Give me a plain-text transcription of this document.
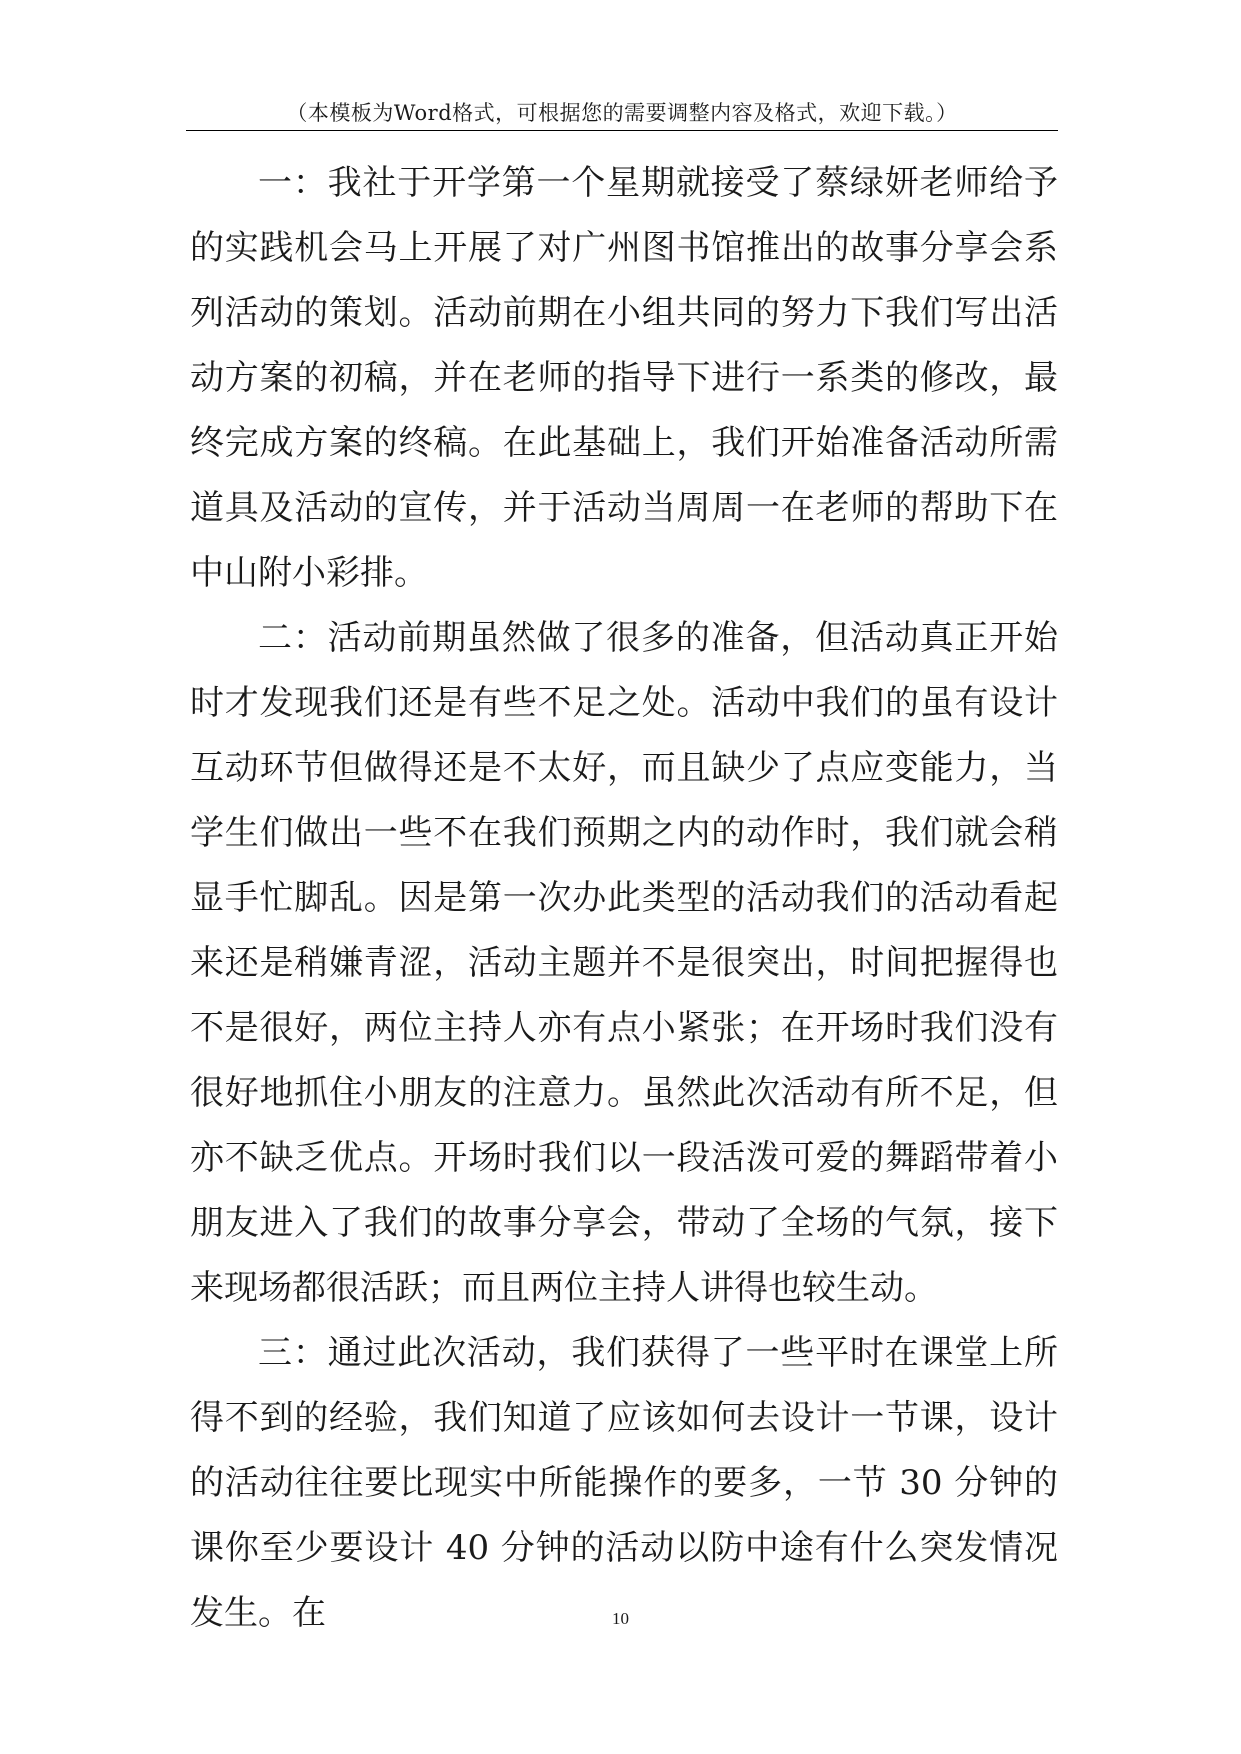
（本模板为Word格式，可根据您的需要调整内容及格式，欢迎下载。）

一：我社于开学第一个星期就接受了蔡绿妍老师给予的实践机会马上开展了对广州图书馆推出的故事分享会系列活动的策划。活动前期在小组共同的努力下我们写出活动方案的初稿，并在老师的指导下进行一系类的修改，最终完成方案的终稿。在此基础上，我们开始准备活动所需道具及活动的宣传，并于活动当周周一在老师的帮助下在中山附小彩排。

二：活动前期虽然做了很多的准备，但活动真正开始时才发现我们还是有些不足之处。活动中我们的虽有设计互动环节但做得还是不太好，而且缺少了点应变能力，当学生们做出一些不在我们预期之内的动作时，我们就会稍显手忙脚乱。因是第一次办此类型的活动我们的活动看起来还是稍嫌青涩，活动主题并不是很突出，时间把握得也不是很好，两位主持人亦有点小紧张；在开场时我们没有很好地抓住小朋友的注意力。虽然此次活动有所不足，但亦不缺乏优点。开场时我们以一段活泼可爱的舞蹈带着小朋友进入了我们的故事分享会，带动了全场的气氛，接下来现场都很活跃；而且两位主持人讲得也较生动。

三：通过此次活动，我们获得了一些平时在课堂上所得不到的经验，我们知道了应该如何去设计一节课，设计的活动往往要比现实中所能操作的要多，一节 30 分钟的课你至少要设计 40 分钟的活动以防中途有什么突发情况发生。在	10
